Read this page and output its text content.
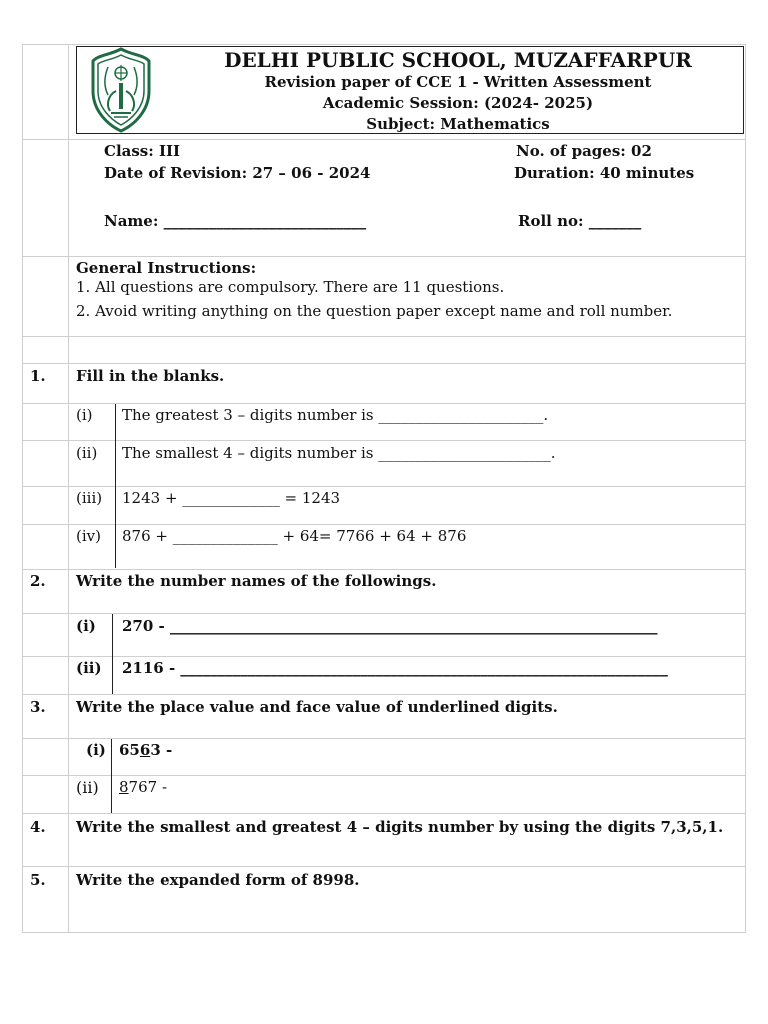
DELHI PUBLIC SCHOOL, MUZAFFARPUR
Revision paper of CCE 1 - Written Assessment
Academic Session: (2024- 2025)
Subject: Mathematics
Class: III
Date of Revision: 27 – 06 - 2024
Name: ___________________________
No. of pages: 02
Duration: 40 minutes
Roll no: _______
General Instructions:
1. All questions are compulsory. There are 11 questions.
2. Avoid writing anything on the question paper except name and roll number.
1. Fill in the blanks.
(i) The greatest 3 – digits number is ______________________.
(ii) The smallest 4 – digits number is _______________________.
(iii) 1243 + _____________ = 1243
(iv) 876 + ______________ + 64= 7766 + 64 + 876
2. Write the number names of the followings.
(i) 270 - _________________________________________________________________
(ii) 2116 - _________________________________________________________________
3. Write the place value and face value of underlined digits.
(i) 6563 -
(ii) 8767 -
4. Write the smallest and greatest 4 – digits number by using the digits 7,3,5,1.
5. Write the expanded form of 8998.
